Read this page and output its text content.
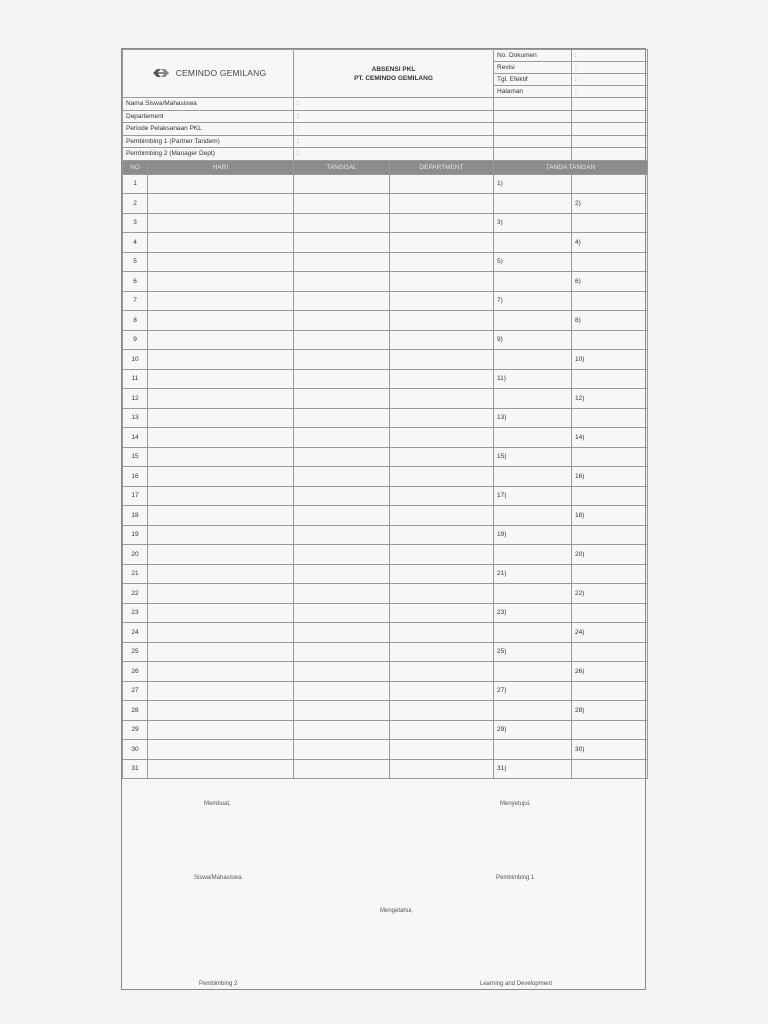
CEMINDO GEMILANG		ABSENSI PKL
PT. CEMINDO GEMILANG		No. Dokumen	:
				Revisi	:
				Tgl. Efektif	:
				Halaman	:
Nama Siswa/Mahasiswa		:			
Departement		:			
Periode Pelaksanaan PKL		:			
Pembimbing 1 (Partner Tandem)		:			
Pembimbing 2 (Manager Dept)		:			
NO	HARI	TANGGAL	DEPARTMENT	TANDA TANGAN	
1				1)	
2					2)
3				3)	
4					4)
5				5)	
6					6)
7				7)	
8					8)
9				9)	
10					10)
11				11)	
12					12)
13				13)	
14					14)
15				15)	
16					16)
17				17)	
18					18)
19				19)	
20					20)
21				21)	
22					22)
23				23)	
24					24)
25				25)	
26					26)
27				27)	
28					28)
29				29)	
30					30)
31				31)	
Membuat,	Menyetujui,
Siswa/Mahasiswa	Pembimbing 1
Mengetahui,
Pembimbing 2	Learning and Development
